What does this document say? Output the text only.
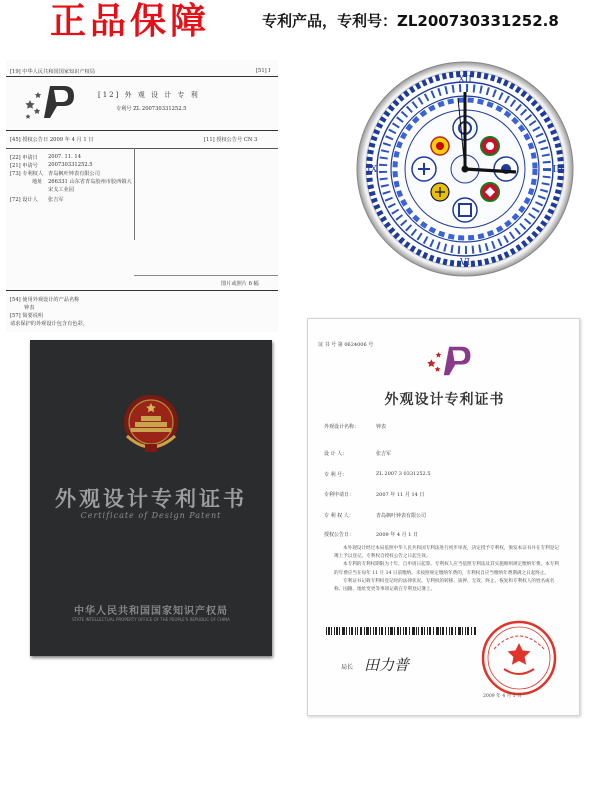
正品保障	专利产品，专利号：ZL200730331252.8
[19] 中华人民共和国国家知识产权局	[51] I
[12] 外 观 设 计 专 利
专利号 ZL 200730331252.5
[45] 授权公告日 2009 年 4 月 1 日	[11] 授权公告号 CN 3
[22] 申请日 2007. 11. 14
[21] 申请号 200730331252.5
[73] 专利权人 青岛枫叶钟表有限公司
地址 266331 山东省青岛胶州市胶西镇大
宋戈工业园
[72] 设计人 张吉军
图片或照片 6 幅
[54] 使用外观设计的产品名称
钟表
[57] 简要说明
请求保护的外观设计包含有色彩。
XII
VI
IX	III
外观设计专利证书
Certificate of Design Patent
中华人民共和国国家知识产权局
STATE INTELLECTUAL PROPERTY OFFICE OF THE PEOPLE'S REPUBLIC OF CHINA
证 书 号 第 0624006 号
外观设计专利证书
外观设计名称：	钟表
设 计 人：	张吉军
专 利 号：	ZL 2007 3 0331252.5
专利申请日：	2007 年 11 月 14 日
专 利 权 人：	青岛枫叶钟表有限公司
授权公告日：	2009 年 4 月 1 日

本外观设计经过本局依照中华人民共和国专利法进行初步审查，决定授予专利权，颁发本证书并在专利登记簿上予以登记。专利权自授权公告之日起生效。

本专利的专利权期限为十年，自申请日起算。专利权人应当依照专利法及其实施细则规定缴纳年费。本专利的年费应当在每年 11 月 14 日前缴纳。未按照规定缴纳年费的，专利权自应当缴纳年费期满之日起终止。

专利证书记载专利权登记时的法律状况。专利权的转移、质押、无效、终止、恢复和专利权人的姓名或名称、国籍、地址变更等事项记载在专利登记簿上。

局长 田力普
2009 年 4 月 1 日
